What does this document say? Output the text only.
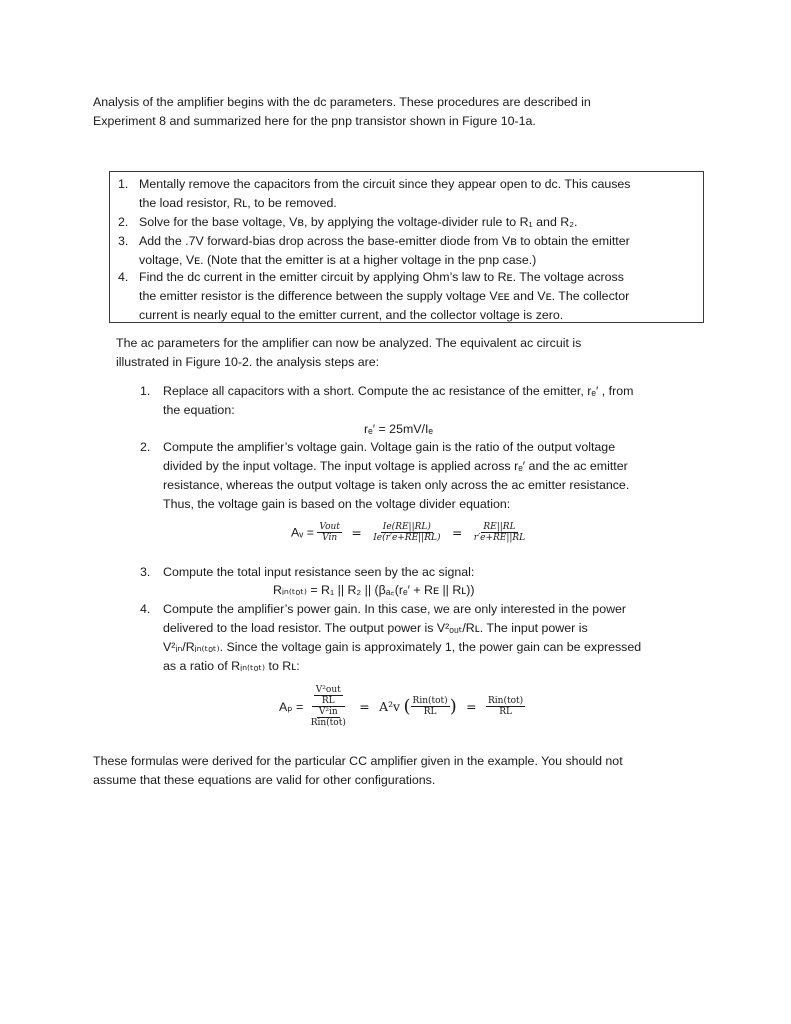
Analysis of the amplifier begins with the dc parameters. These procedures are described in

Experiment 8 and summarized here for the pnp transistor shown in Figure 10-1a.

1. Mentally remove the capacitors from the circuit since they appear open to dc. This causes
the load resistor, Rʟ, to be removed.
2. Solve for the base voltage, Vʙ, by applying the voltage-divider rule to R₁ and R₂.
3. Add the .7V forward-bias drop across the base-emitter diode from Vʙ to obtain the emitter
voltage, Vᴇ. (Note that the emitter is at a higher voltage in the pnp case.)
4. Find the dc current in the emitter circuit by applying Ohm’s law to Rᴇ. The voltage across
the emitter resistor is the difference between the supply voltage Vᴇᴇ and Vᴇ. The collector
current is nearly equal to the emitter current, and the collector voltage is zero.

The ac parameters for the amplifier can now be analyzed. The equivalent ac circuit is

illustrated in Figure 10-2. the analysis steps are:

1.	Replace all capacitors with a short. Compute the ac resistance of the emitter, rₑ′ , from
the equation:
rₑ′ = 25mV/Iₑ
2.	Compute the amplifier’s voltage gain. Voltage gain is the ratio of the output voltage
divided by the input voltage. The input voltage is applied across rₑ′ and the ac emitter
resistance, whereas the output voltage is taken only across the ac emitter resistance.
Thus, the voltage gain is based on the voltage divider equation:
Aᵥ = $\frac{\text{Vout}}{\text{Vin}} = \frac{Ie(RE||RL)}{Ie(r'e+RE||RL)} = \frac{RE||RL}{r'e+RE||RL}$
3.	Compute the total input resistance seen by the ac signal:
Rᵢₙ₍ₜₒₜ₎ = R₁ || R₂ || (βₐ꜀(rₑ′ + Rᴇ || Rʟ))
4.	Compute the amplifier’s power gain. In this case, we are only interested in the power
delivered to the load resistor. The output power is V²ₒᵤₜ/Rʟ. The input power is
V²ᵢₙ/Rᵢₙ₍ₜₒₜ₎. Since the voltage gain is approximately 1, the power gain can be expressed
as a ratio of Rᵢₙ₍ₜₒₜ₎ to Rʟ:
$A_p = \frac{\frac{\text{V²out}}{RL}}{\frac{\text{V²in}}{\text{Rin(tot)}}} = A^2v$ ( $\frac{\text{Rin(tot)}}{RL}$ ) = $\frac{\text{Rin(tot)}}{RL}$

These formulas were derived for the particular CC amplifier given in the example. You should not

assume that these equations are valid for other configurations.
